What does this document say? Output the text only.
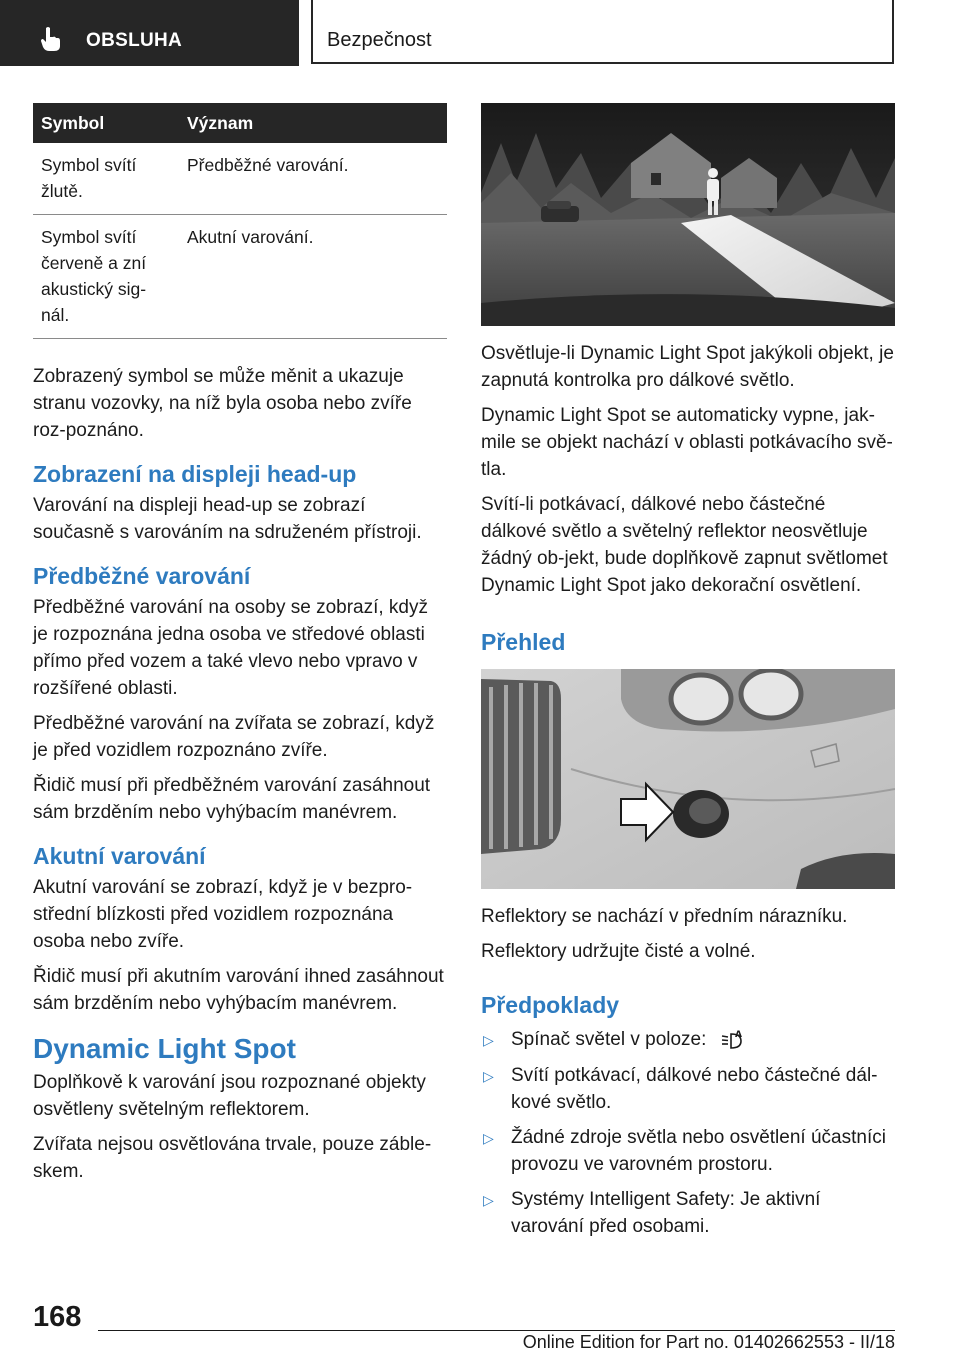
OBSLUHA	Bezpečnost
Symbol	Význam
Symbol svítí žlutě.	Předběžné varování.
Symbol svítí červeně a zní akustický sig-nál.	Akutní varování.

Zobrazený symbol se může měnit a ukazuje stranu vozovky, na níž byla osoba nebo zvíře roz-poznáno.

Zobrazení na displeji head-up

Varování na displeji head-up se zobrazí současně s varováním na sdruženém přístroji.

Předběžné varování

Předběžné varování na osoby se zobrazí, když je rozpoznána jedna osoba ve středové oblasti přímo před vozem a také vlevo nebo vpravo v rozšířené oblasti.

Předběžné varování na zvířata se zobrazí, když je před vozidlem rozpoznáno zvíře.

Řidič musí při předběžném varování zasáhnout sám brzděním nebo vyhýbacím manévrem.

Akutní varování

Akutní varování se zobrazí, když je v bezpro-střední blízkosti před vozidlem rozpoznána osoba nebo zvíře.

Řidič musí při akutním varování ihned zasáhnout sám brzděním nebo vyhýbacím manévrem.

Dynamic Light Spot

Doplňkově k varování jsou rozpoznané objekty osvětleny světelným reflektorem.

Zvířata nejsou osvětlována trvale, pouze záble-skem.

Osvětluje-li Dynamic Light Spot jakýkoli objekt, je zapnutá kontrolka pro dálkové světlo.

Dynamic Light Spot se automaticky vypne, jak-mile se objekt nachází v oblasti potkávacího svě-tla.

Svítí-li potkávací, dálkové nebo částečné dálkové světlo a světelný reflektor neosvětluje žádný ob-jekt, bude doplňkově zapnut světlomet Dynamic Light Spot jako dekorační osvětlení.

Přehled

Reflektory se nachází v předním nárazníku.

Reflektory udržujte čisté a volné.

Předpoklady
▷ Spínač světel v poloze:	A
▷ Svítí potkávací, dálkové nebo částečné dál-kové světlo.
▷ Žádné zdroje světla nebo osvětlení účastníci provozu ve varovném prostoru.
▷ Systémy Intelligent Safety: Je aktivní varování před osobami.
168
Online Edition for Part no. 01402662553 - II/18
